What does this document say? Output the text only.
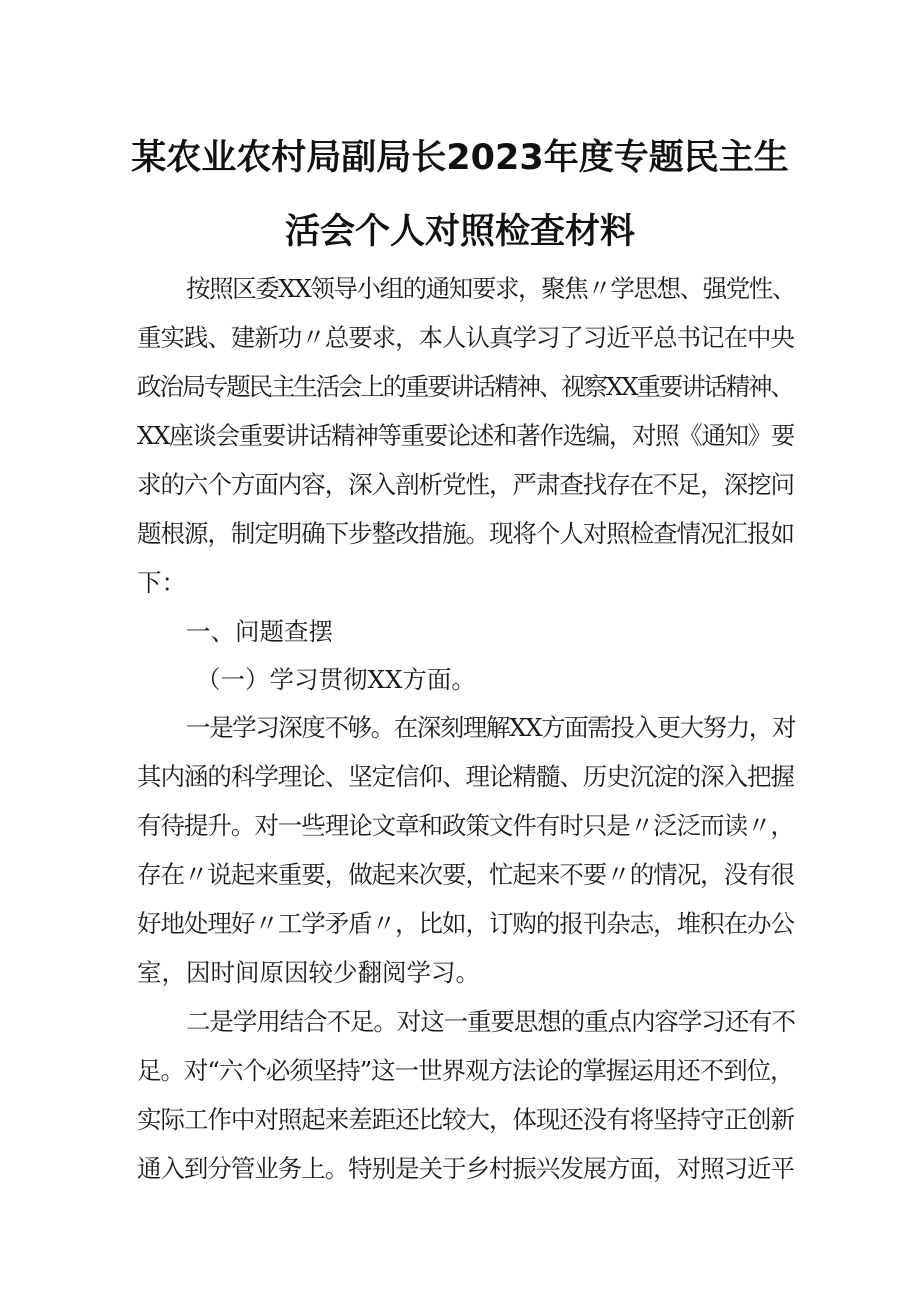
某农业农村局副局长2023年度专题民主生
活会个人对照检查材料

按照区委XX领导小组的通知要求，聚焦〃学思想、强党性、

重实践、建新功〃总要求，本人认真学习了习近平总书记在中央

政治局专题民主生活会上的重要讲话精神、视察XX重要讲话精神、

XX座谈会重要讲话精神等重要论述和著作选编，对照《通知》要

求的六个方面内容，深入剖析党性，严肃查找存在不足，深挖问

题根源，制定明确下步整改措施。现将个人对照检查情况汇报如

下：

一、问题查摆

（一）学习贯彻XX方面。

一是学习深度不够。在深刻理解XX方面需投入更大努力，对

其内涵的科学理论、坚定信仰、理论精髓、历史沉淀的深入把握

有待提升。对一些理论文章和政策文件有时只是〃泛泛而读〃，

存在〃说起来重要，做起来次要，忙起来不要〃的情况，没有很

好地处理好〃工学矛盾〃，比如，订购的报刊杂志，堆积在办公

室，因时间原因较少翻阅学习。

二是学用结合不足。对这一重要思想的重点内容学习还有不

足。对“六个必须坚持”这一世界观方法论的掌握运用还不到位，

实际工作中对照起来差距还比较大，体现还没有将坚持守正创新

通入到分管业务上。特别是关于乡村振兴发展方面，对照习近平
